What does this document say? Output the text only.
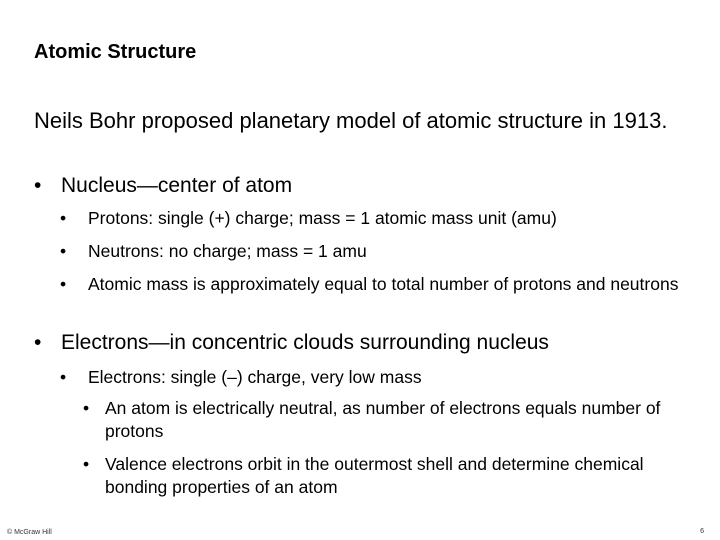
Atomic Structure
Neils Bohr proposed planetary model of atomic structure in 1913.
• Nucleus—center of atom
•	Protons: single (+) charge; mass = 1 atomic mass unit (amu)
•	Neutrons: no charge; mass = 1 amu
•	Atomic mass is approximately equal to total number of protons and neutrons
• Electrons—in concentric clouds surrounding nucleus
•	Electrons: single (–) charge, very low mass
• An atom is electrically neutral, as number of electrons equals number of protons
• Valence electrons orbit in the outermost shell and determine chemical bonding properties of an atom
© McGraw Hill	6
